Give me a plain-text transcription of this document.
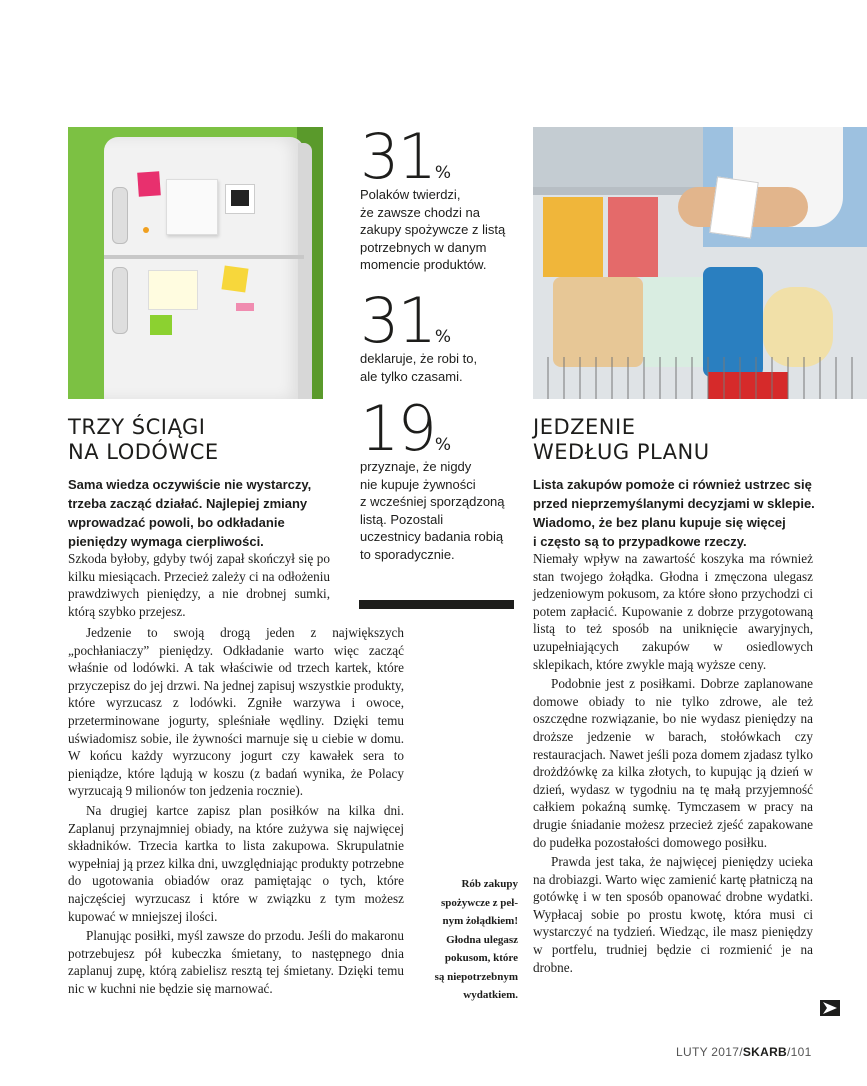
31%
Polaków twierdzi,
że zawsze chodzi na
zakupy spożywcze z listą
potrzebnych w danym
momencie produktów.
31%
deklaruje, że robi to,
ale tylko czasami.
19%
przyznaje, że nigdy
nie kupuje żywności
z wcześniej sporządzoną
listą. Pozostali
uczestnicy badania robią
to sporadycznie.
TRZY ŚCIĄGI
NA LODÓWCE
Sama wiedza oczywiście nie wystarczy,
trzeba zacząć działać. Najlepiej zmiany
wprowadzać powoli, bo odkładanie
pieniędzy wymaga cierpliwości.

Szkoda byłoby, gdyby twój zapał skończył się po kilku miesiącach. Przecież zależy ci na odłożeniu prawdziwych pieniędzy, a nie drobnej sumki, którą szybko przejesz.

Jedzenie to swoją drogą jeden z największych „pochłaniaczy” pieniędzy. Odkładanie warto więc zacząć właśnie od lodówki. A tak właściwie od trzech kartek, które przyczepisz do jej drzwi. Na jednej zapisuj wszystkie produkty, które wyrzucasz z lodówki. Zgniłe warzywa i owoce, przeterminowane jogurty, spleśniałe wędliny. Dzięki temu uświadomisz sobie, ile żywności marnuje się u ciebie w domu. W końcu każdy wyrzucony jogurt czy kawałek sera to pieniądze, które lądują w koszu (z badań wynika, że Polacy wyrzucają 9 milionów ton jedzenia rocznie).

Na drugiej kartce zapisz plan posiłków na kilka dni. Zaplanuj przynajmniej obiady, na które zużywa się najwięcej składników. Trzecia kartka to lista zakupowa. Skrupulatnie wypełniaj ją przez kilka dni, uwzględniając produkty potrzebne do ugotowania obiadów oraz pamiętając o tych, które najczęściej wyrzucasz i które w związku z tym możesz kupować w mniejszej ilości.

Planując posiłki, myśl zawsze do przodu. Jeśli do makaronu potrzebujesz pół kubeczka śmietany, to następnego dnia zaplanuj zupę, którą zabielisz resztą tej śmietany. Dzięki temu nic w kuchni nie będzie się marnować.

Rób zakupy
spożywcze z peł-
nym żołądkiem!
Głodna ulegasz
pokusom, które
są niepotrzebnym
wydatkiem.
JEDZENIE
WEDŁUG PLANU
Lista zakupów pomoże ci również ustrzec się
przed nieprzemyślanymi decyzjami w sklepie.
Wiadomo, że bez planu kupuje się więcej
i często są to przypadkowe rzeczy.

Niemały wpływ na zawartość koszyka ma również stan twojego żołądka. Głodna i zmęczona ulegasz jedzeniowym pokusom, za które słono przychodzi ci potem zapłacić. Kupowanie z dobrze przygotowaną listą to też sposób na uniknięcie awaryjnych, uzupełniających zakupów w osiedlowych sklepikach, które zwykle mają wyższe ceny.

Podobnie jest z posiłkami. Dobrze zaplanowane domowe obiady to nie tylko zdrowe, ale też oszczędne rozwiązanie, bo nie wydasz pieniędzy na droższe jedzenie w barach, stołówkach czy restauracjach. Nawet jeśli poza domem zjadasz tylko drożdżówkę za kilka złotych, to kupując ją dzień w dzień, wydasz w tygodniu na tę małą przyjemność całkiem pokaźną sumkę. Tymczasem w pracy na drugie śniadanie możesz przecież zjeść zapakowane do pudełka pozostałości domowego posiłku.

Prawda jest taka, że najwięcej pieniędzy ucieka na drobiazgi. Warto więc zamienić kartę płatniczą na gotówkę i w ten sposób opanować drobne wydatki. Wypłacaj sobie po prostu kwotę, która musi ci wystarczyć na tydzień. Wiedząc, ile masz pieniędzy w portfelu, trudniej będzie ci rozmienić je na drobne.

LUTY 2017/SKARB/101
